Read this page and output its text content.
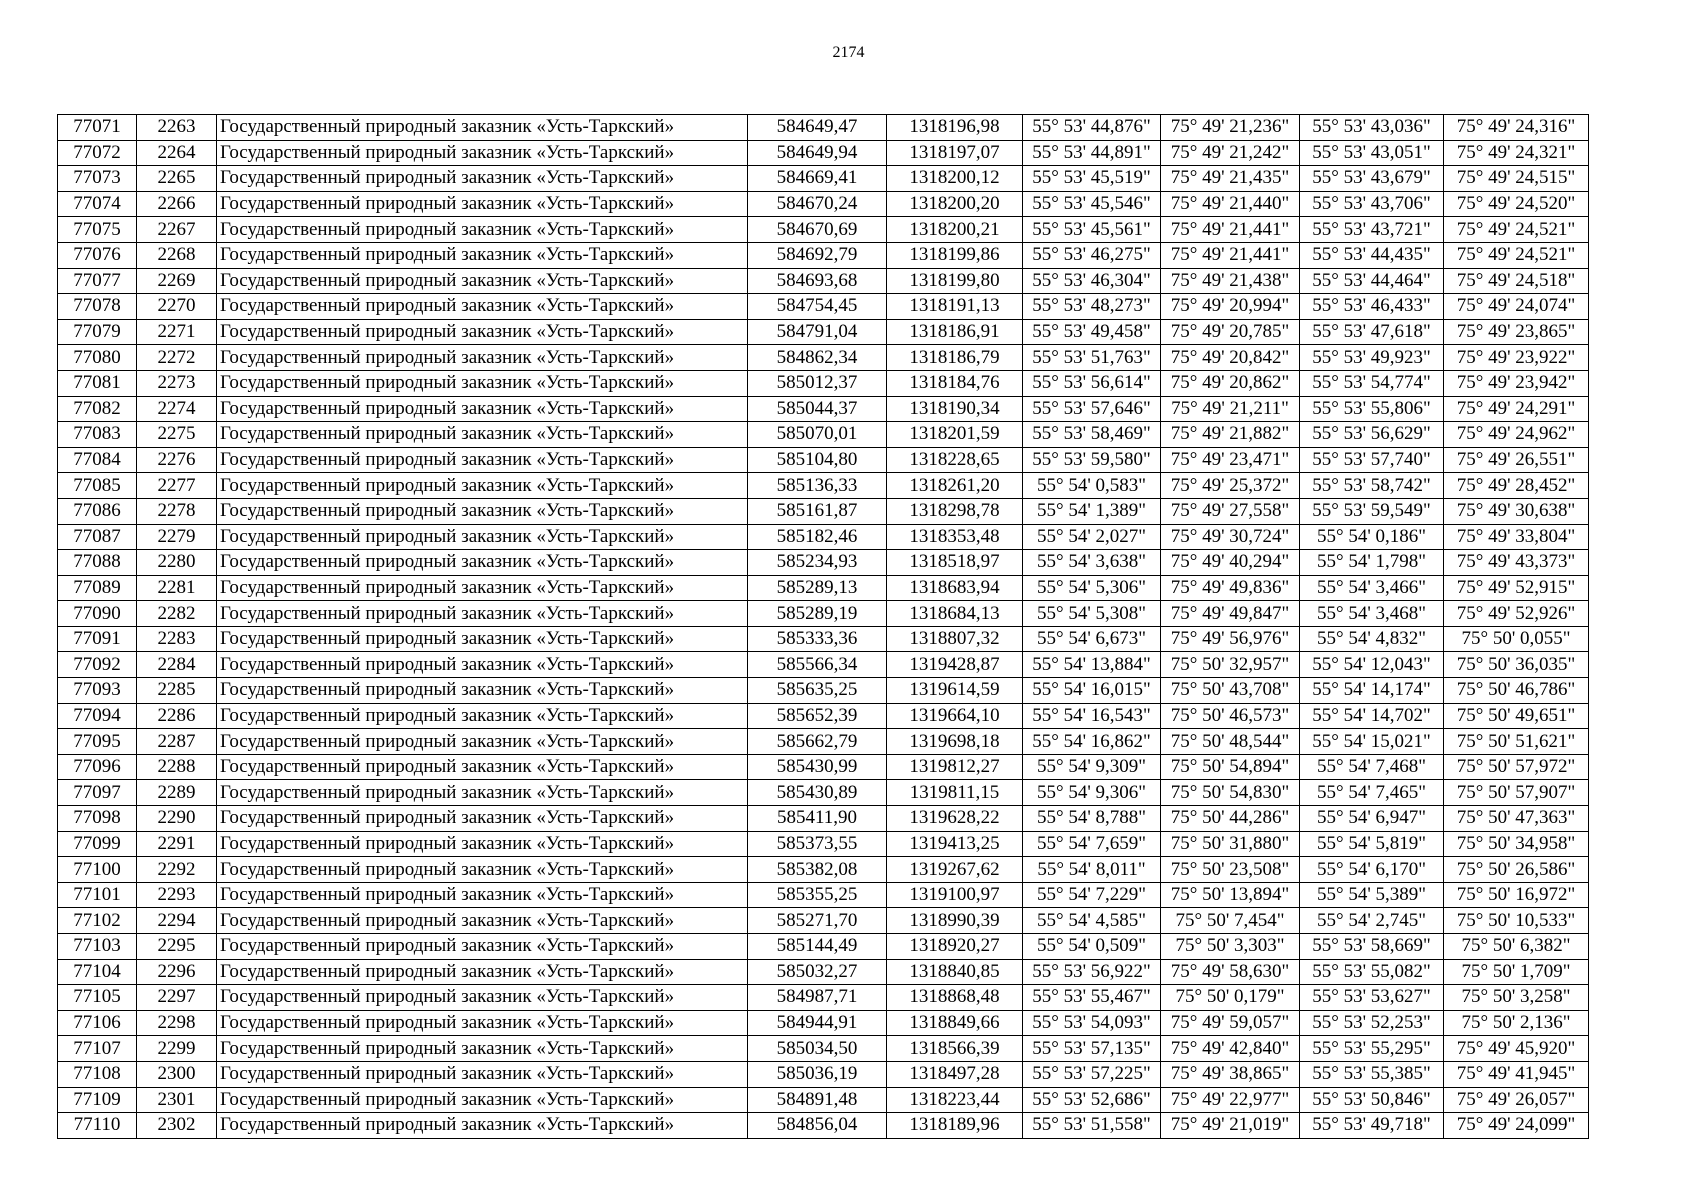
2174
77071	2263	Государственный природный заказник «Усть-Таркский»	584649,47	1318196,98	55° 53' 44,876"	75° 49' 21,236"	55° 53' 43,036"	75° 49' 24,316"
77072	2264	Государственный природный заказник «Усть-Таркский»	584649,94	1318197,07	55° 53' 44,891"	75° 49' 21,242"	55° 53' 43,051"	75° 49' 24,321"
77073	2265	Государственный природный заказник «Усть-Таркский»	584669,41	1318200,12	55° 53' 45,519"	75° 49' 21,435"	55° 53' 43,679"	75° 49' 24,515"
77074	2266	Государственный природный заказник «Усть-Таркский»	584670,24	1318200,20	55° 53' 45,546"	75° 49' 21,440"	55° 53' 43,706"	75° 49' 24,520"
77075	2267	Государственный природный заказник «Усть-Таркский»	584670,69	1318200,21	55° 53' 45,561"	75° 49' 21,441"	55° 53' 43,721"	75° 49' 24,521"
77076	2268	Государственный природный заказник «Усть-Таркский»	584692,79	1318199,86	55° 53' 46,275"	75° 49' 21,441"	55° 53' 44,435"	75° 49' 24,521"
77077	2269	Государственный природный заказник «Усть-Таркский»	584693,68	1318199,80	55° 53' 46,304"	75° 49' 21,438"	55° 53' 44,464"	75° 49' 24,518"
77078	2270	Государственный природный заказник «Усть-Таркский»	584754,45	1318191,13	55° 53' 48,273"	75° 49' 20,994"	55° 53' 46,433"	75° 49' 24,074"
77079	2271	Государственный природный заказник «Усть-Таркский»	584791,04	1318186,91	55° 53' 49,458"	75° 49' 20,785"	55° 53' 47,618"	75° 49' 23,865"
77080	2272	Государственный природный заказник «Усть-Таркский»	584862,34	1318186,79	55° 53' 51,763"	75° 49' 20,842"	55° 53' 49,923"	75° 49' 23,922"
77081	2273	Государственный природный заказник «Усть-Таркский»	585012,37	1318184,76	55° 53' 56,614"	75° 49' 20,862"	55° 53' 54,774"	75° 49' 23,942"
77082	2274	Государственный природный заказник «Усть-Таркский»	585044,37	1318190,34	55° 53' 57,646"	75° 49' 21,211"	55° 53' 55,806"	75° 49' 24,291"
77083	2275	Государственный природный заказник «Усть-Таркский»	585070,01	1318201,59	55° 53' 58,469"	75° 49' 21,882"	55° 53' 56,629"	75° 49' 24,962"
77084	2276	Государственный природный заказник «Усть-Таркский»	585104,80	1318228,65	55° 53' 59,580"	75° 49' 23,471"	55° 53' 57,740"	75° 49' 26,551"
77085	2277	Государственный природный заказник «Усть-Таркский»	585136,33	1318261,20	55° 54' 0,583"	75° 49' 25,372"	55° 53' 58,742"	75° 49' 28,452"
77086	2278	Государственный природный заказник «Усть-Таркский»	585161,87	1318298,78	55° 54' 1,389"	75° 49' 27,558"	55° 53' 59,549"	75° 49' 30,638"
77087	2279	Государственный природный заказник «Усть-Таркский»	585182,46	1318353,48	55° 54' 2,027"	75° 49' 30,724"	55° 54' 0,186"	75° 49' 33,804"
77088	2280	Государственный природный заказник «Усть-Таркский»	585234,93	1318518,97	55° 54' 3,638"	75° 49' 40,294"	55° 54' 1,798"	75° 49' 43,373"
77089	2281	Государственный природный заказник «Усть-Таркский»	585289,13	1318683,94	55° 54' 5,306"	75° 49' 49,836"	55° 54' 3,466"	75° 49' 52,915"
77090	2282	Государственный природный заказник «Усть-Таркский»	585289,19	1318684,13	55° 54' 5,308"	75° 49' 49,847"	55° 54' 3,468"	75° 49' 52,926"
77091	2283	Государственный природный заказник «Усть-Таркский»	585333,36	1318807,32	55° 54' 6,673"	75° 49' 56,976"	55° 54' 4,832"	75° 50' 0,055"
77092	2284	Государственный природный заказник «Усть-Таркский»	585566,34	1319428,87	55° 54' 13,884"	75° 50' 32,957"	55° 54' 12,043"	75° 50' 36,035"
77093	2285	Государственный природный заказник «Усть-Таркский»	585635,25	1319614,59	55° 54' 16,015"	75° 50' 43,708"	55° 54' 14,174"	75° 50' 46,786"
77094	2286	Государственный природный заказник «Усть-Таркский»	585652,39	1319664,10	55° 54' 16,543"	75° 50' 46,573"	55° 54' 14,702"	75° 50' 49,651"
77095	2287	Государственный природный заказник «Усть-Таркский»	585662,79	1319698,18	55° 54' 16,862"	75° 50' 48,544"	55° 54' 15,021"	75° 50' 51,621"
77096	2288	Государственный природный заказник «Усть-Таркский»	585430,99	1319812,27	55° 54' 9,309"	75° 50' 54,894"	55° 54' 7,468"	75° 50' 57,972"
77097	2289	Государственный природный заказник «Усть-Таркский»	585430,89	1319811,15	55° 54' 9,306"	75° 50' 54,830"	55° 54' 7,465"	75° 50' 57,907"
77098	2290	Государственный природный заказник «Усть-Таркский»	585411,90	1319628,22	55° 54' 8,788"	75° 50' 44,286"	55° 54' 6,947"	75° 50' 47,363"
77099	2291	Государственный природный заказник «Усть-Таркский»	585373,55	1319413,25	55° 54' 7,659"	75° 50' 31,880"	55° 54' 5,819"	75° 50' 34,958"
77100	2292	Государственный природный заказник «Усть-Таркский»	585382,08	1319267,62	55° 54' 8,011"	75° 50' 23,508"	55° 54' 6,170"	75° 50' 26,586"
77101	2293	Государственный природный заказник «Усть-Таркский»	585355,25	1319100,97	55° 54' 7,229"	75° 50' 13,894"	55° 54' 5,389"	75° 50' 16,972"
77102	2294	Государственный природный заказник «Усть-Таркский»	585271,70	1318990,39	55° 54' 4,585"	75° 50' 7,454"	55° 54' 2,745"	75° 50' 10,533"
77103	2295	Государственный природный заказник «Усть-Таркский»	585144,49	1318920,27	55° 54' 0,509"	75° 50' 3,303"	55° 53' 58,669"	75° 50' 6,382"
77104	2296	Государственный природный заказник «Усть-Таркский»	585032,27	1318840,85	55° 53' 56,922"	75° 49' 58,630"	55° 53' 55,082"	75° 50' 1,709"
77105	2297	Государственный природный заказник «Усть-Таркский»	584987,71	1318868,48	55° 53' 55,467"	75° 50' 0,179"	55° 53' 53,627"	75° 50' 3,258"
77106	2298	Государственный природный заказник «Усть-Таркский»	584944,91	1318849,66	55° 53' 54,093"	75° 49' 59,057"	55° 53' 52,253"	75° 50' 2,136"
77107	2299	Государственный природный заказник «Усть-Таркский»	585034,50	1318566,39	55° 53' 57,135"	75° 49' 42,840"	55° 53' 55,295"	75° 49' 45,920"
77108	2300	Государственный природный заказник «Усть-Таркский»	585036,19	1318497,28	55° 53' 57,225"	75° 49' 38,865"	55° 53' 55,385"	75° 49' 41,945"
77109	2301	Государственный природный заказник «Усть-Таркский»	584891,48	1318223,44	55° 53' 52,686"	75° 49' 22,977"	55° 53' 50,846"	75° 49' 26,057"
77110	2302	Государственный природный заказник «Усть-Таркский»	584856,04	1318189,96	55° 53' 51,558"	75° 49' 21,019"	55° 53' 49,718"	75° 49' 24,099"
